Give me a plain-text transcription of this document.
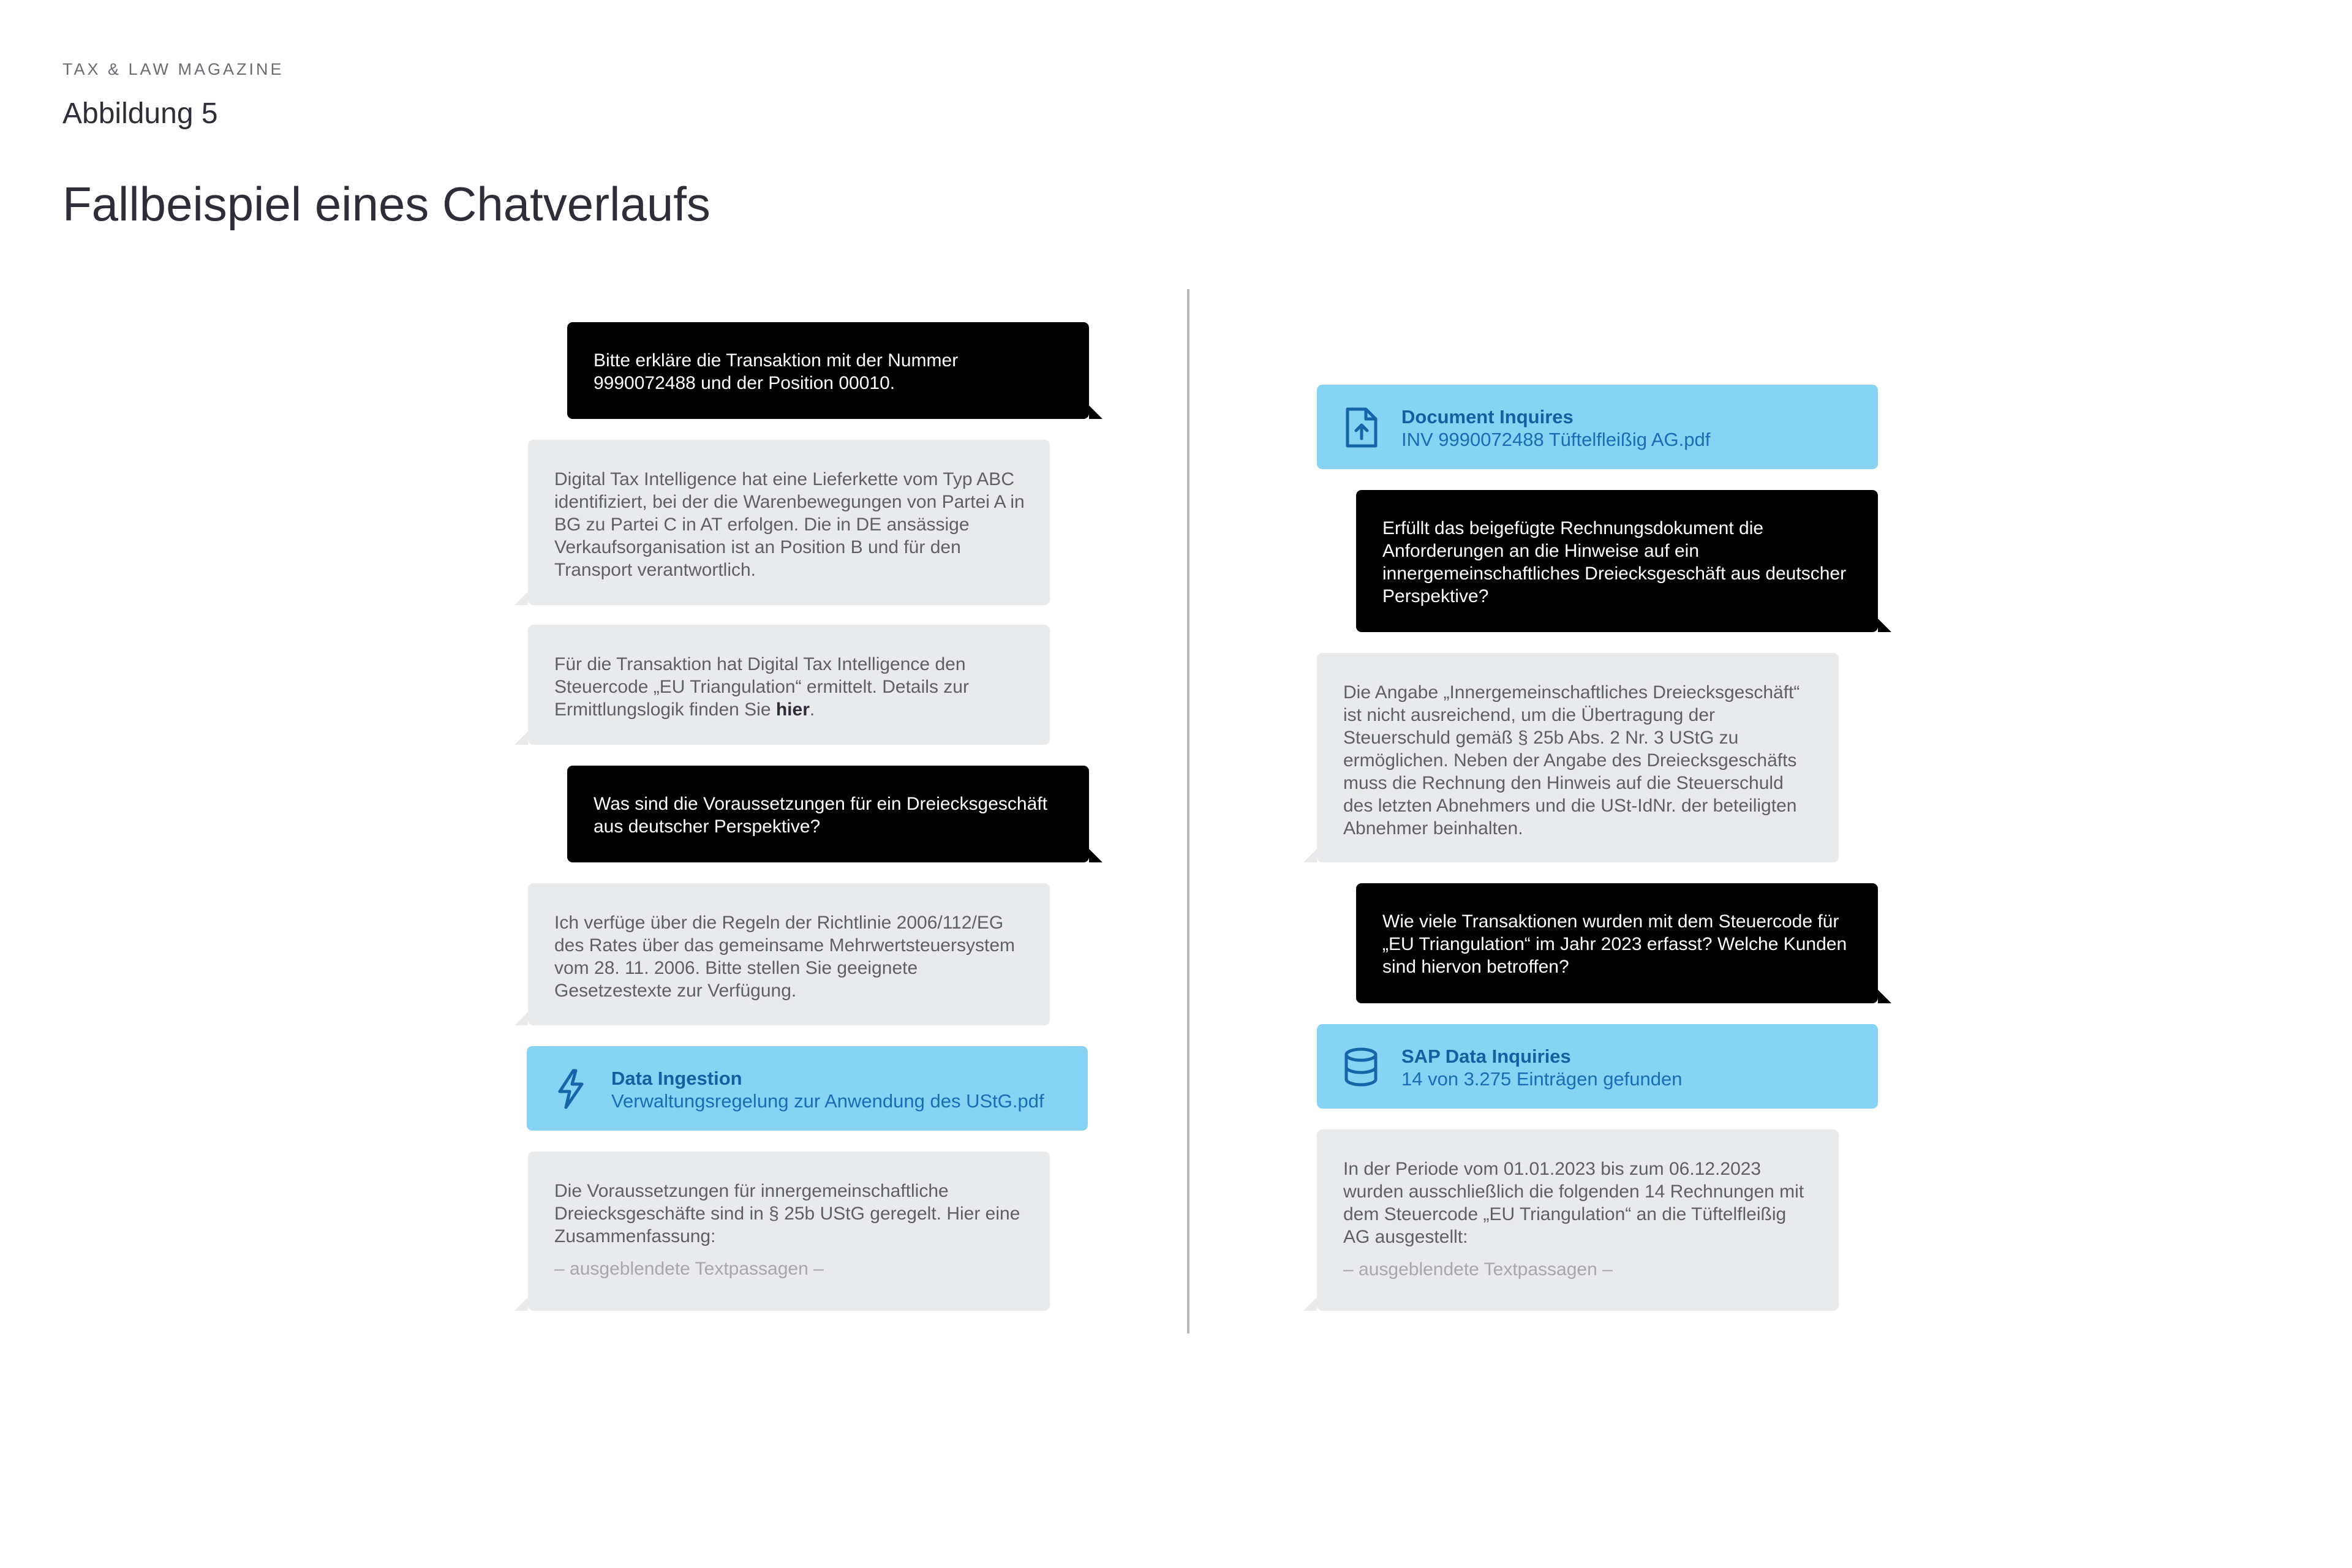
TAX & LAW MAGAZINE
Abbildung 5
Fallbeispiel eines Chatverlaufs
Bitte erkläre die Transaktion mit der Nummer 9990072488 und der Position 00010.
Digital Tax Intelligence hat eine Lieferkette vom Typ ABC identifiziert, bei der die Warenbewegungen von Partei A in BG zu Partei C in AT erfolgen. Die in DE ansässige Verkaufsorganisation ist an Position B und für den Transport verantwortlich.
Für die Transaktion hat Digital Tax Intelligence den Steuercode „EU Triangulation“ ermittelt. Details zur Ermittlungslogik finden Sie hier.
Was sind die Voraussetzungen für ein Dreiecksgeschäft aus deutscher Perspektive?
Ich verfüge über die Regeln der Richtlinie 2006/112/EG des Rates über das gemeinsame Mehrwertsteuersystem vom 28. 11. 2006. Bitte stellen Sie geeignete Gesetzestexte zur Verfügung.
Data Ingestion
Verwaltungsregelung zur Anwendung des UStG.pdf
Die Voraussetzungen für innergemeinschaftliche Dreiecksgeschäfte sind in § 25b UStG geregelt. Hier eine Zusammenfassung:
– ausgeblendete Textpassagen –
Document Inquires
INV 9990072488 Tüftelfleißig AG.pdf
Erfüllt das beigefügte Rechnungsdokument die Anforderungen an die Hinweise auf ein innergemeinschaftliches Dreiecksgeschäft aus deutscher Perspektive?
Die Angabe „Innergemeinschaftliches Dreiecksgeschäft“ ist nicht ausreichend, um die Übertragung der Steuerschuld gemäß § 25b Abs. 2 Nr. 3 UStG zu ermöglichen. Neben der Angabe des Dreiecksgeschäfts muss die Rechnung den Hinweis auf die Steuerschuld des letzten Abnehmers und die USt-IdNr. der beteiligten Abnehmer beinhalten.
Wie viele Transaktionen wurden mit dem Steuercode für „EU Triangulation“ im Jahr 2023 erfasst? Welche Kunden sind hiervon betroffen?
SAP Data Inquiries
14 von 3.275 Einträgen gefunden
In der Periode vom 01.01.2023 bis zum 06.12.2023 wurden ausschließlich die folgenden 14 Rechnungen mit dem Steuercode „EU Triangulation“ an die Tüftelfleißig AG ausgestellt:
– ausgeblendete Textpassagen –
